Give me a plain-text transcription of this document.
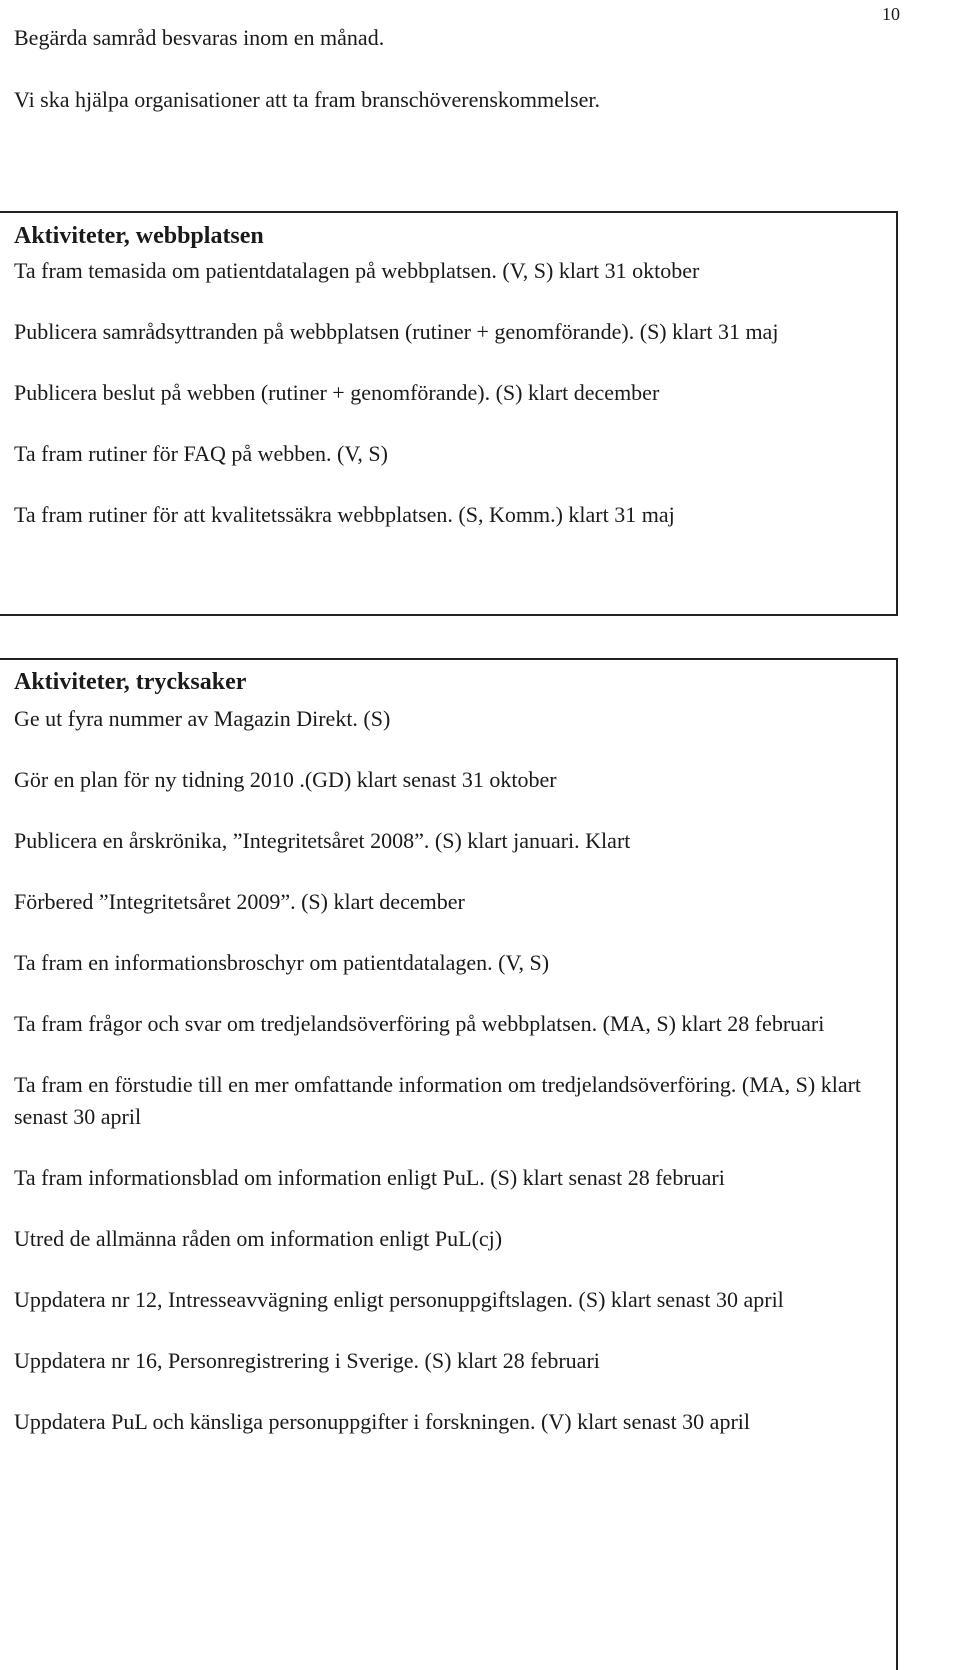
10

Begärda samråd besvaras inom en månad.

Vi ska hjälpa organisationer att ta fram branschöverenskommelser.

Aktiviteter, webbplatsen

Ta fram temasida om patientdatalagen på webbplatsen. (V, S) klart 31 oktober

Publicera samrådsyttranden på webbplatsen (rutiner + genomförande). (S) klart 31 maj

Publicera beslut på webben (rutiner + genomförande). (S) klart december

Ta fram rutiner för FAQ på webben. (V, S)

Ta fram rutiner för att kvalitetssäkra webbplatsen. (S, Komm.) klart 31 maj

Aktiviteter, trycksaker

Ge ut fyra nummer av Magazin Direkt. (S)

Gör en plan för ny tidning 2010 .(GD) klart senast 31 oktober

Publicera en årskrönika, ”Integritetsåret 2008”. (S) klart januari. Klart

Förbered ”Integritetsåret 2009”. (S) klart december

Ta fram en informationsbroschyr om patientdatalagen. (V, S)

Ta fram frågor och svar om tredjelandsöverföring på webbplatsen. (MA, S) klart 28 februari

Ta fram en förstudie till en mer omfattande information om tredjelandsöverföring. (MA, S) klart senast 30 april

Ta fram informationsblad om information enligt PuL. (S) klart senast 28 februari

Utred de allmänna råden om information enligt PuL(cj)

Uppdatera nr 12, Intresseavvägning enligt personuppgiftslagen. (S) klart senast 30 april

Uppdatera nr 16, Personregistrering i Sverige. (S) klart 28 februari

Uppdatera PuL och känsliga personuppgifter i forskningen. (V) klart senast 30 april
